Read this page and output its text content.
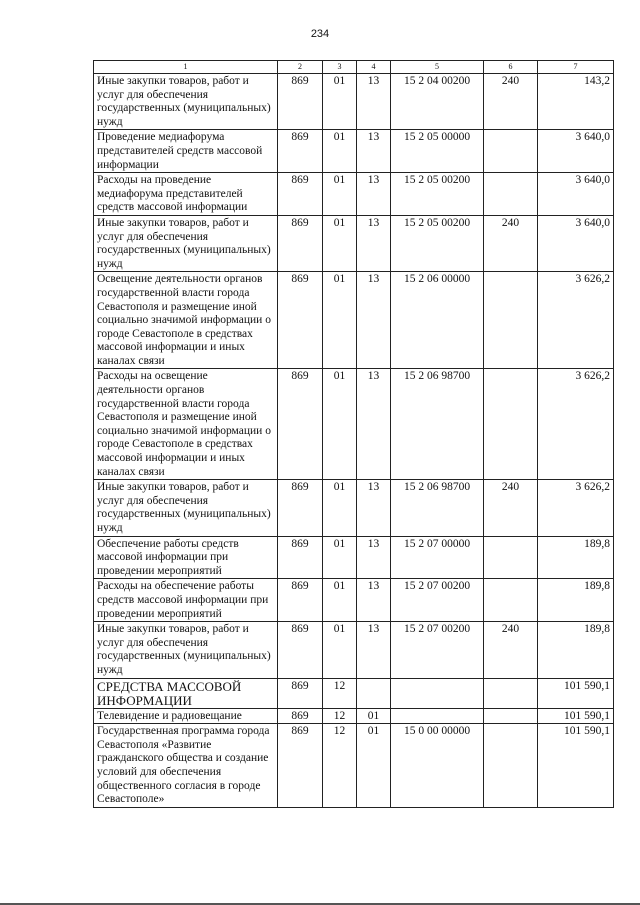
234
1	2	3	4	5	6	7
Иные закупки товаров, работ и услуг для обеспечения государственных (муниципальных) нужд	869	01	13	15 2 04 00200	240	143,2
Проведение медиафорума представителей средств массовой информации	869	01	13	15 2 05 00000		3 640,0
Расходы на проведение медиафорума представителей средств массовой информации	869	01	13	15 2 05 00200		3 640,0
Иные закупки товаров, работ и услуг для обеспечения государственных (муниципальных) нужд	869	01	13	15 2 05 00200	240	3 640,0
Освещение деятельности органов государственной власти города Севастополя и размещение иной социально значимой информации о городе Севастополе в средствах массовой информации и иных каналах связи	869	01	13	15 2 06 00000		3 626,2
Расходы на освещение деятельности органов государственной власти города Севастополя и размещение иной социально значимой информации о городе Севастополе в средствах массовой информации и иных каналах связи	869	01	13	15 2 06 98700		3 626,2
Иные закупки товаров, работ и услуг для обеспечения государственных (муниципальных) нужд	869	01	13	15 2 06 98700	240	3 626,2
Обеспечение работы средств массовой информации при проведении мероприятий	869	01	13	15 2 07 00000		189,8
Расходы на обеспечение работы средств массовой информации при проведении мероприятий	869	01	13	15 2 07 00200		189,8
Иные закупки товаров, работ и услуг для обеспечения государственных (муниципальных) нужд	869	01	13	15 2 07 00200	240	189,8
СРЕДСТВА МАССОВОЙ ИНФОРМАЦИИ	869	12				101 590,1
Телевидение и радиовещание	869	12	01			101 590,1
Государственная программа города Севастополя «Развитие гражданского общества и создание условий для обеспечения общественного согласия в городе Севастополе»	869	12	01	15 0 00 00000		101 590,1
